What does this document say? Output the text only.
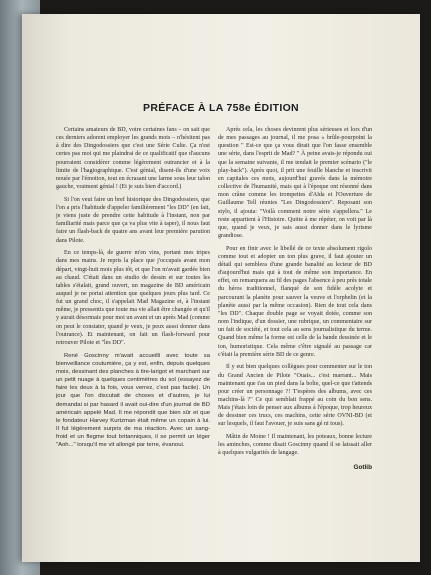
PRÉFACE À LA 758e ÉDITION

Certains amateurs de BD, votre certaines fans – on sait que ces derniers adorent employer les grands mots – n'hésitent pas à dire des Dingodossiers que c'est une Série Culte. Ça n'est certes pas moi qui me plaindrai de ce qualificatif que d'aucuns pourraient considérer comme légèrement outrancier et à la limite de l'hagiographique. C'est génial, disent-ils d'une voix nouée par l'émotion, tout en écrasant une larme sous leur talon gauche, vraiment génial ! (Et je suis bien d'accord.)

Si l'on veut faire un bref historique des Dingodossiers, que l'on a pris l'habitude d'appeler familièrement "les DD" (en fait, je viens juste de prendre cette habitude à l'instant, non par familiarité mais parce que ça va plus vite à taper), il nous faut faire un flash-back de quatre ans avant leur première parution dans Pilote.

En ce temps-là, de guerre m'en vins, portant mes tripes dans mes mains. Je repris la place que j'occupais avant mon départ, vingt-huit mois plus tôt, et que l'on m'avait gardée bien au chaud. C'était dans un studio de dessin et sur toutes les tables s'étalait, grand ouvert, un magazine de BD américain auquel je ne portai attention que quelques jours plus tard. Ce fut un grand choc, il s'appelait Mad Magazine et, à l'instant même, je pressentis que toute ma vie allait être changée et qu'il y aurait désormais pour moi un avant et un après Mad (comme on peut le constater, quand je veux, je peux aussi donner dans l'outrance). Et maintenant, on fait un flash-forward pour retrouver Pilote et "les DD".

René Goscinny m'avait accueilli avec toute sa bienveillance coutumière, ça y est, enfin, depuis quelques mois, dessinant des planches à tire-larigot et marchant sur un petit nuage à quelques centimètres du sol (essayez de faire les deux à la fois, vous verrez, c'est pas facile). Un jour que l'on discutait de choses et d'autres, je lui demandai si par hasard il avait oui-dire d'un journal de BD américain appelé Mad. Il me répondit que bien sûr et que le fondateur Harvey Kurtzman était même un copain à lui. Il fut légèrement surpris de ma réaction. Avec un sang-froid et un flegme tout britanniques, il se permit un léger "Aoh..." lorsqu'il me vit allongé par terre, évanoui.

Après cela, les choses devinrent plus sérieuses et lors d'un de mes passages au journal, il me posa « brûle-pourpoint la question " Est-ce que ça vous dirait que l'on fasse ensemble une série, dans l'esprit de Mad? " À peine avais-je répondu oui que la semaine suivante, il me tendait le premier scénario ("le play-back"). Après quoi, il prit une feuille blanche et inscrivit en capitales ces mots, aujourd'hui gravés dans la mémoire collective de l'humanité, mais qui à l'époque ont résonné dans mon crâne comme les trompettes d'Aïda et l'Ouverture de Guillaume Tell réunies "Les Dingodossiers". Reposant son stylo, il ajouta: "Voilà comment notre série s'appellera." Le reste appartient à l'Histoire. Quitte à me répéter, on voit par là que, quand je veux, je sais aussi donner dans le lyrisme grandiose.

Pour en finir avec le libellé de ce texte absolument rigolo comme tout et adopter un ton plus grave, il faut ajouter un détail qui semblera d'une grande banalité au lecteur de BD d'aujourd'hui mais qui à tout de même son importance. En effet, on remarquera au fil des pages l'absence à peu près totale du héros traditionnel, flanqué de son fidèle acolyte et parcourant la planète pour sauver la veuve et l'orphelin (et la planète aussi par la même occasion). Rien de tout cela dans "les DD". Chaque double page se voyait dotée, comme son nom l'indique, d'un dossier, une rubrique, un commentaire sur un fait de société, et tout cela au sens journalistique du terme. Quand bien même la forme est celle de la bande dessinée et le ton, humoristique. Cela même c'être signalé au passage car c'était la première série BD de ce genre.

Il y eut bien quelques collègues pour commenter sur le ton du Grand Ancien de Pilote "Ouais... c'est marrant... Mais maintenant que t'as un pied dans la boîte, quel-ce que t'attends pour créer un personnage ?! T'espères des albums, avec ces machins-là ?" Ce qui semblait frappé au coin du bon sens. Mais j'étais loin de penser aux albums à l'époque, trop heureux de dessiner ces trucs, ces machins, cette série OVNI-BD (et sur lesquels, il faut l'avouer, je suis sans gé ni tous).

Mâtin de Moine ! Il maintenant, les poteaux, bonne lecture les aminches, comme disait Goscinny quand il se laissait aller à quelques vulgarités de langage.

Gotlib
